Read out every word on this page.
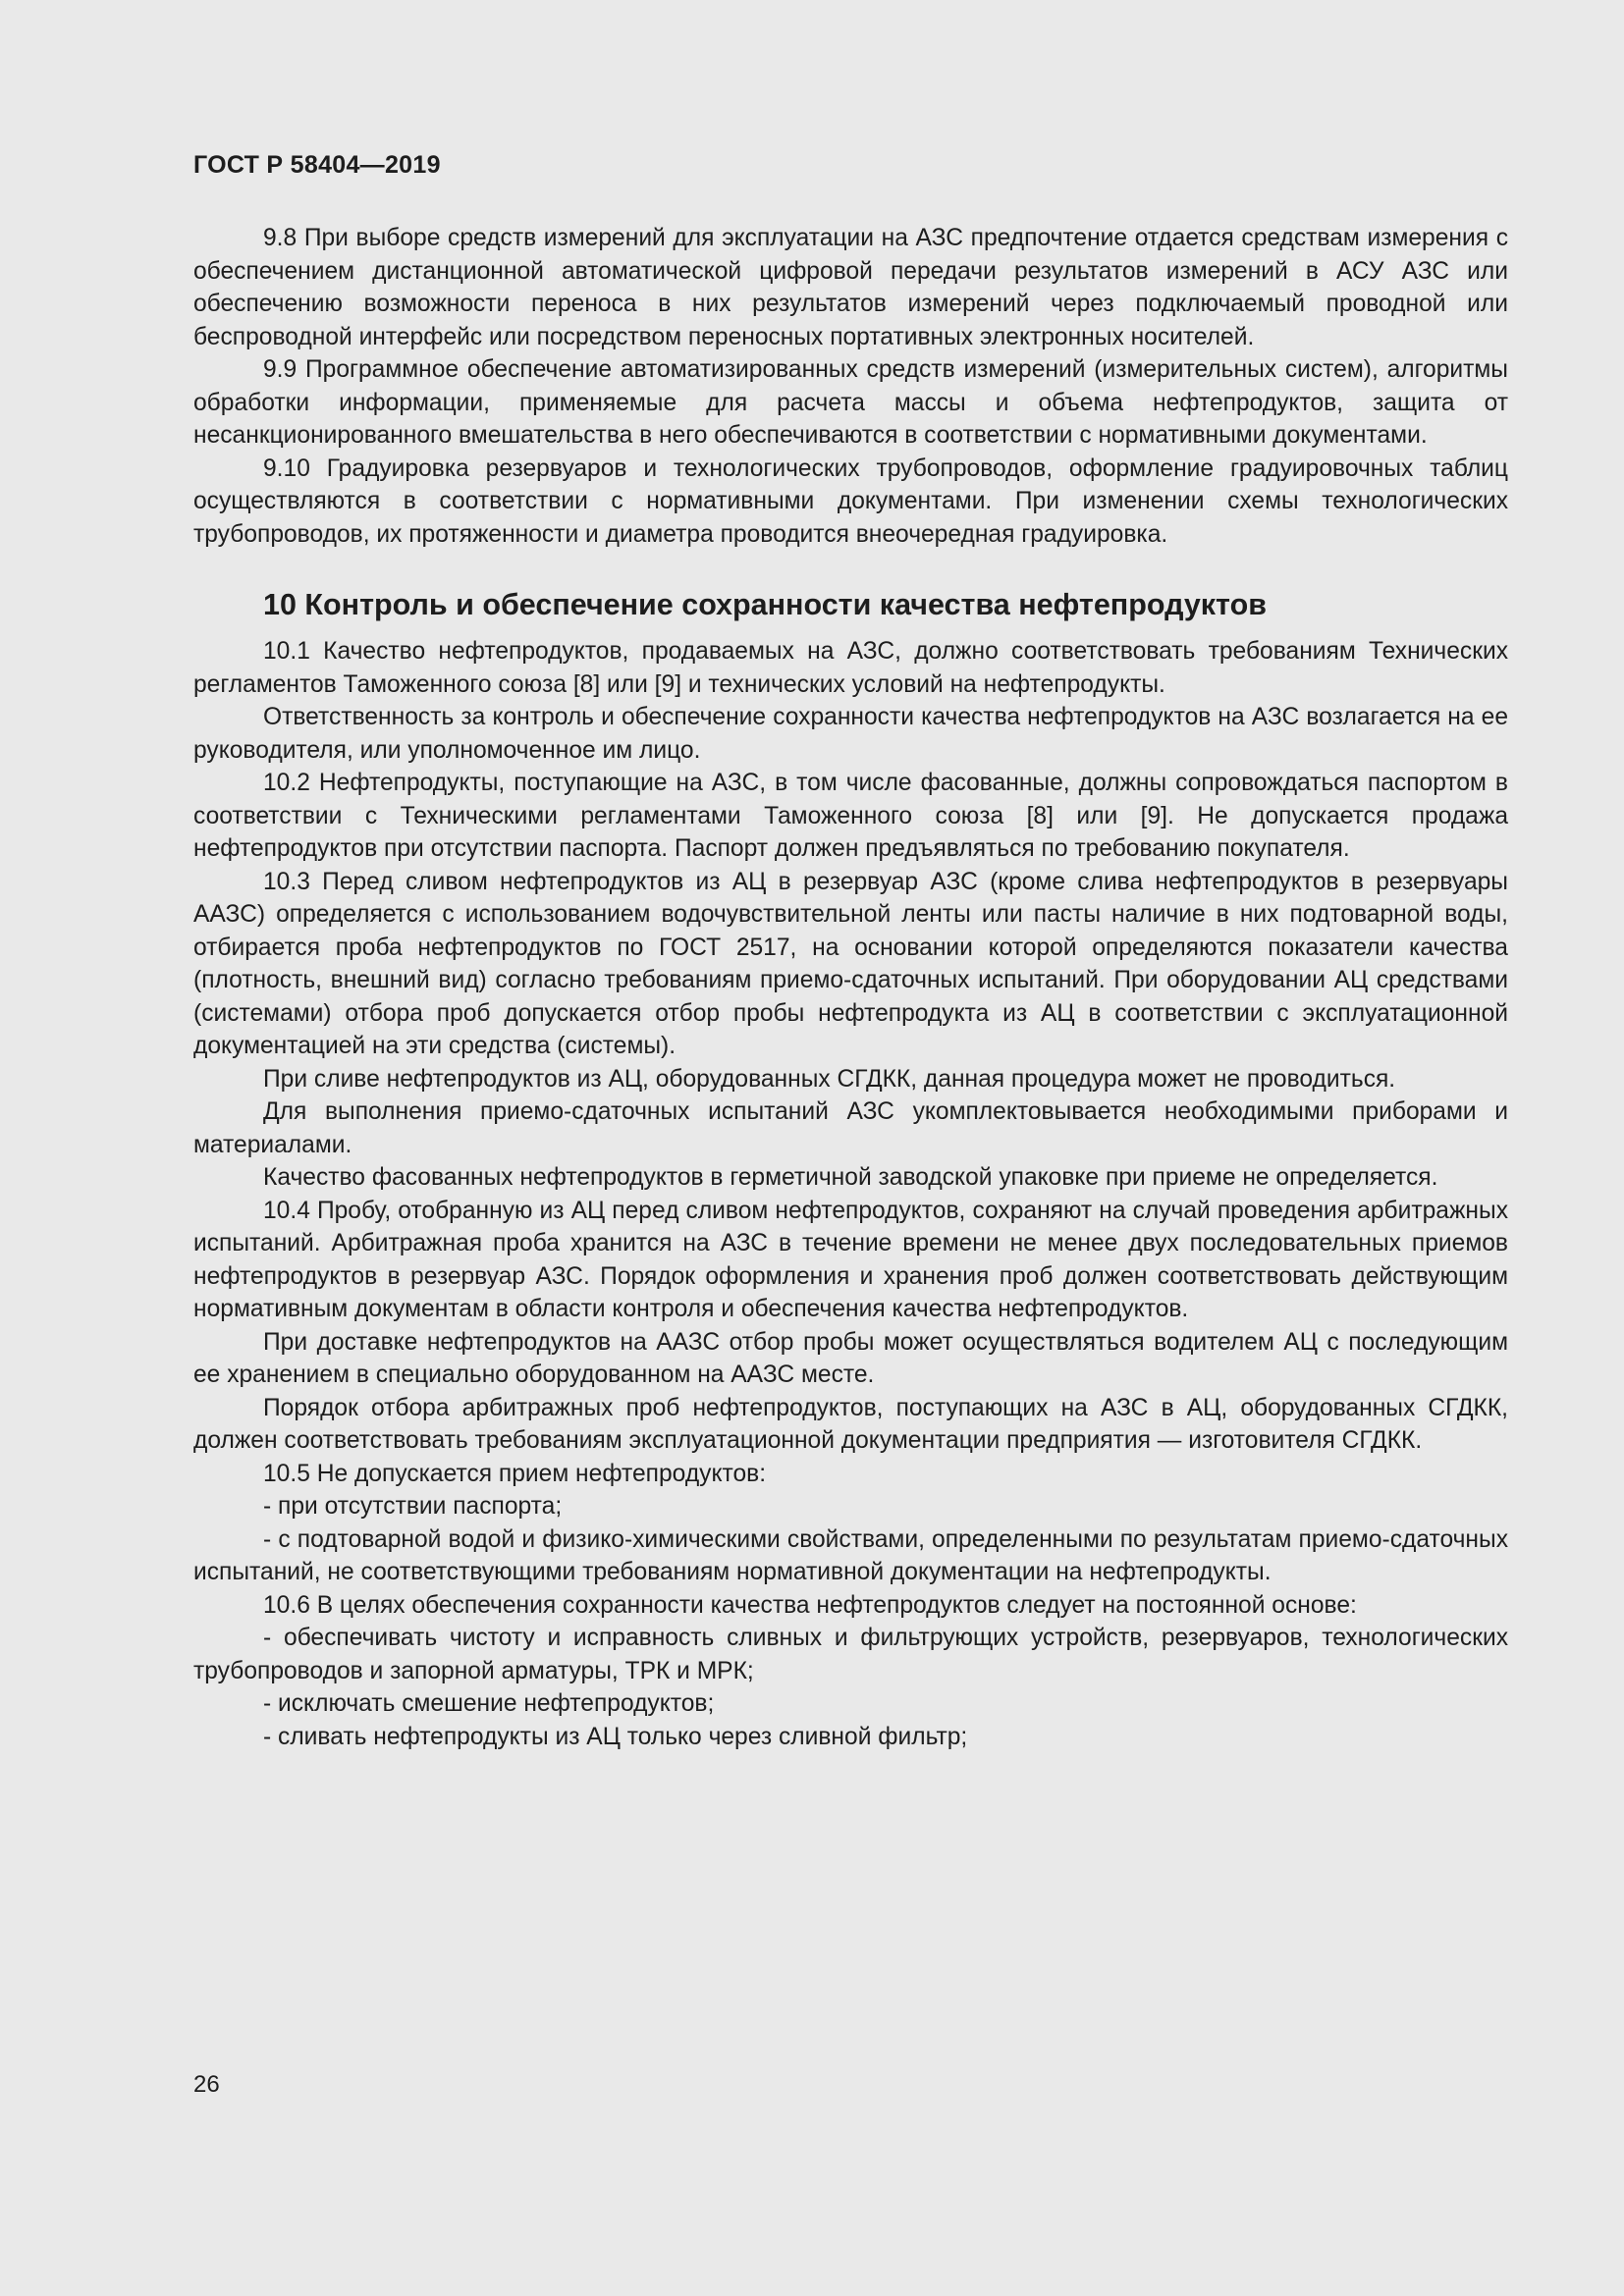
ГОСТ Р 58404—2019

9.8 При выборе средств измерений для эксплуатации на АЗС предпочтение отдается средствам измерения с обеспечением дистанционной автоматической цифровой передачи результатов измерений в АСУ АЗС или обеспечению возможности переноса в них результатов измерений через подключаемый проводной или беспроводной интерфейс или посредством переносных портативных электронных носителей.

9.9 Программное обеспечение автоматизированных средств измерений (измерительных систем), алгоритмы обработки информации, применяемые для расчета массы и объема нефтепродуктов, защита от несанкционированного вмешательства в него обеспечиваются в соответствии с нормативными документами.

9.10 Градуировка резервуаров и технологических трубопроводов, оформление градуировочных таблиц осуществляются в соответствии с нормативными документами. При изменении схемы технологических трубопроводов, их протяженности и диаметра проводится внеочередная градуировка.

10 Контроль и обеспечение сохранности качества нефтепродуктов

10.1 Качество нефтепродуктов, продаваемых на АЗС, должно соответствовать требованиям Технических регламентов Таможенного союза [8] или [9] и технических условий на нефтепродукты.

Ответственность за контроль и обеспечение сохранности качества нефтепродуктов на АЗС возлагается на ее руководителя, или уполномоченное им лицо.

10.2 Нефтепродукты, поступающие на АЗС, в том числе фасованные, должны сопровождаться паспортом в соответствии с Техническими регламентами Таможенного союза [8] или [9]. Не допускается продажа нефтепродуктов при отсутствии паспорта. Паспорт должен предъявляться по требованию покупателя.

10.3 Перед сливом нефтепродуктов из АЦ в резервуар АЗС (кроме слива нефтепродуктов в резервуары ААЗС) определяется с использованием водочувствительной ленты или пасты наличие в них подтоварной воды, отбирается проба нефтепродуктов по ГОСТ 2517, на основании которой определяются показатели качества (плотность, внешний вид) согласно требованиям приемо-сдаточных испытаний. При оборудовании АЦ средствами (системами) отбора проб допускается отбор пробы нефтепродукта из АЦ в соответствии с эксплуатационной документацией на эти средства (системы).

При сливе нефтепродуктов из АЦ, оборудованных СГДКК, данная процедура может не проводиться.

Для выполнения приемо-сдаточных испытаний АЗС укомплектовывается необходимыми приборами и материалами.

Качество фасованных нефтепродуктов в герметичной заводской упаковке при приеме не определяется.

10.4 Пробу, отобранную из АЦ перед сливом нефтепродуктов, сохраняют на случай проведения арбитражных испытаний. Арбитражная проба хранится на АЗС в течение времени не менее двух последовательных приемов нефтепродуктов в резервуар АЗС. Порядок оформления и хранения проб должен соответствовать действующим нормативным документам в области контроля и обеспечения качества нефтепродуктов.

При доставке нефтепродуктов на ААЗС отбор пробы может осуществляться водителем АЦ с последующим ее хранением в специально оборудованном на ААЗС месте.

Порядок отбора арбитражных проб нефтепродуктов, поступающих на АЗС в АЦ, оборудованных СГДКК, должен соответствовать требованиям эксплуатационной документации предприятия — изготовителя СГДКК.

10.5 Не допускается прием нефтепродуктов:

- при отсутствии паспорта;

- с подтоварной водой и физико-химическими свойствами, определенными по результатам приемо-сдаточных испытаний, не соответствующими требованиям нормативной документации на нефтепродукты.

10.6 В целях обеспечения сохранности качества нефтепродуктов следует на постоянной основе:

- обеспечивать чистоту и исправность сливных и фильтрующих устройств, резервуаров, технологических трубопроводов и запорной арматуры, ТРК и МРК;

- исключать смешение нефтепродуктов;

- сливать нефтепродукты из АЦ только через сливной фильтр;

26
